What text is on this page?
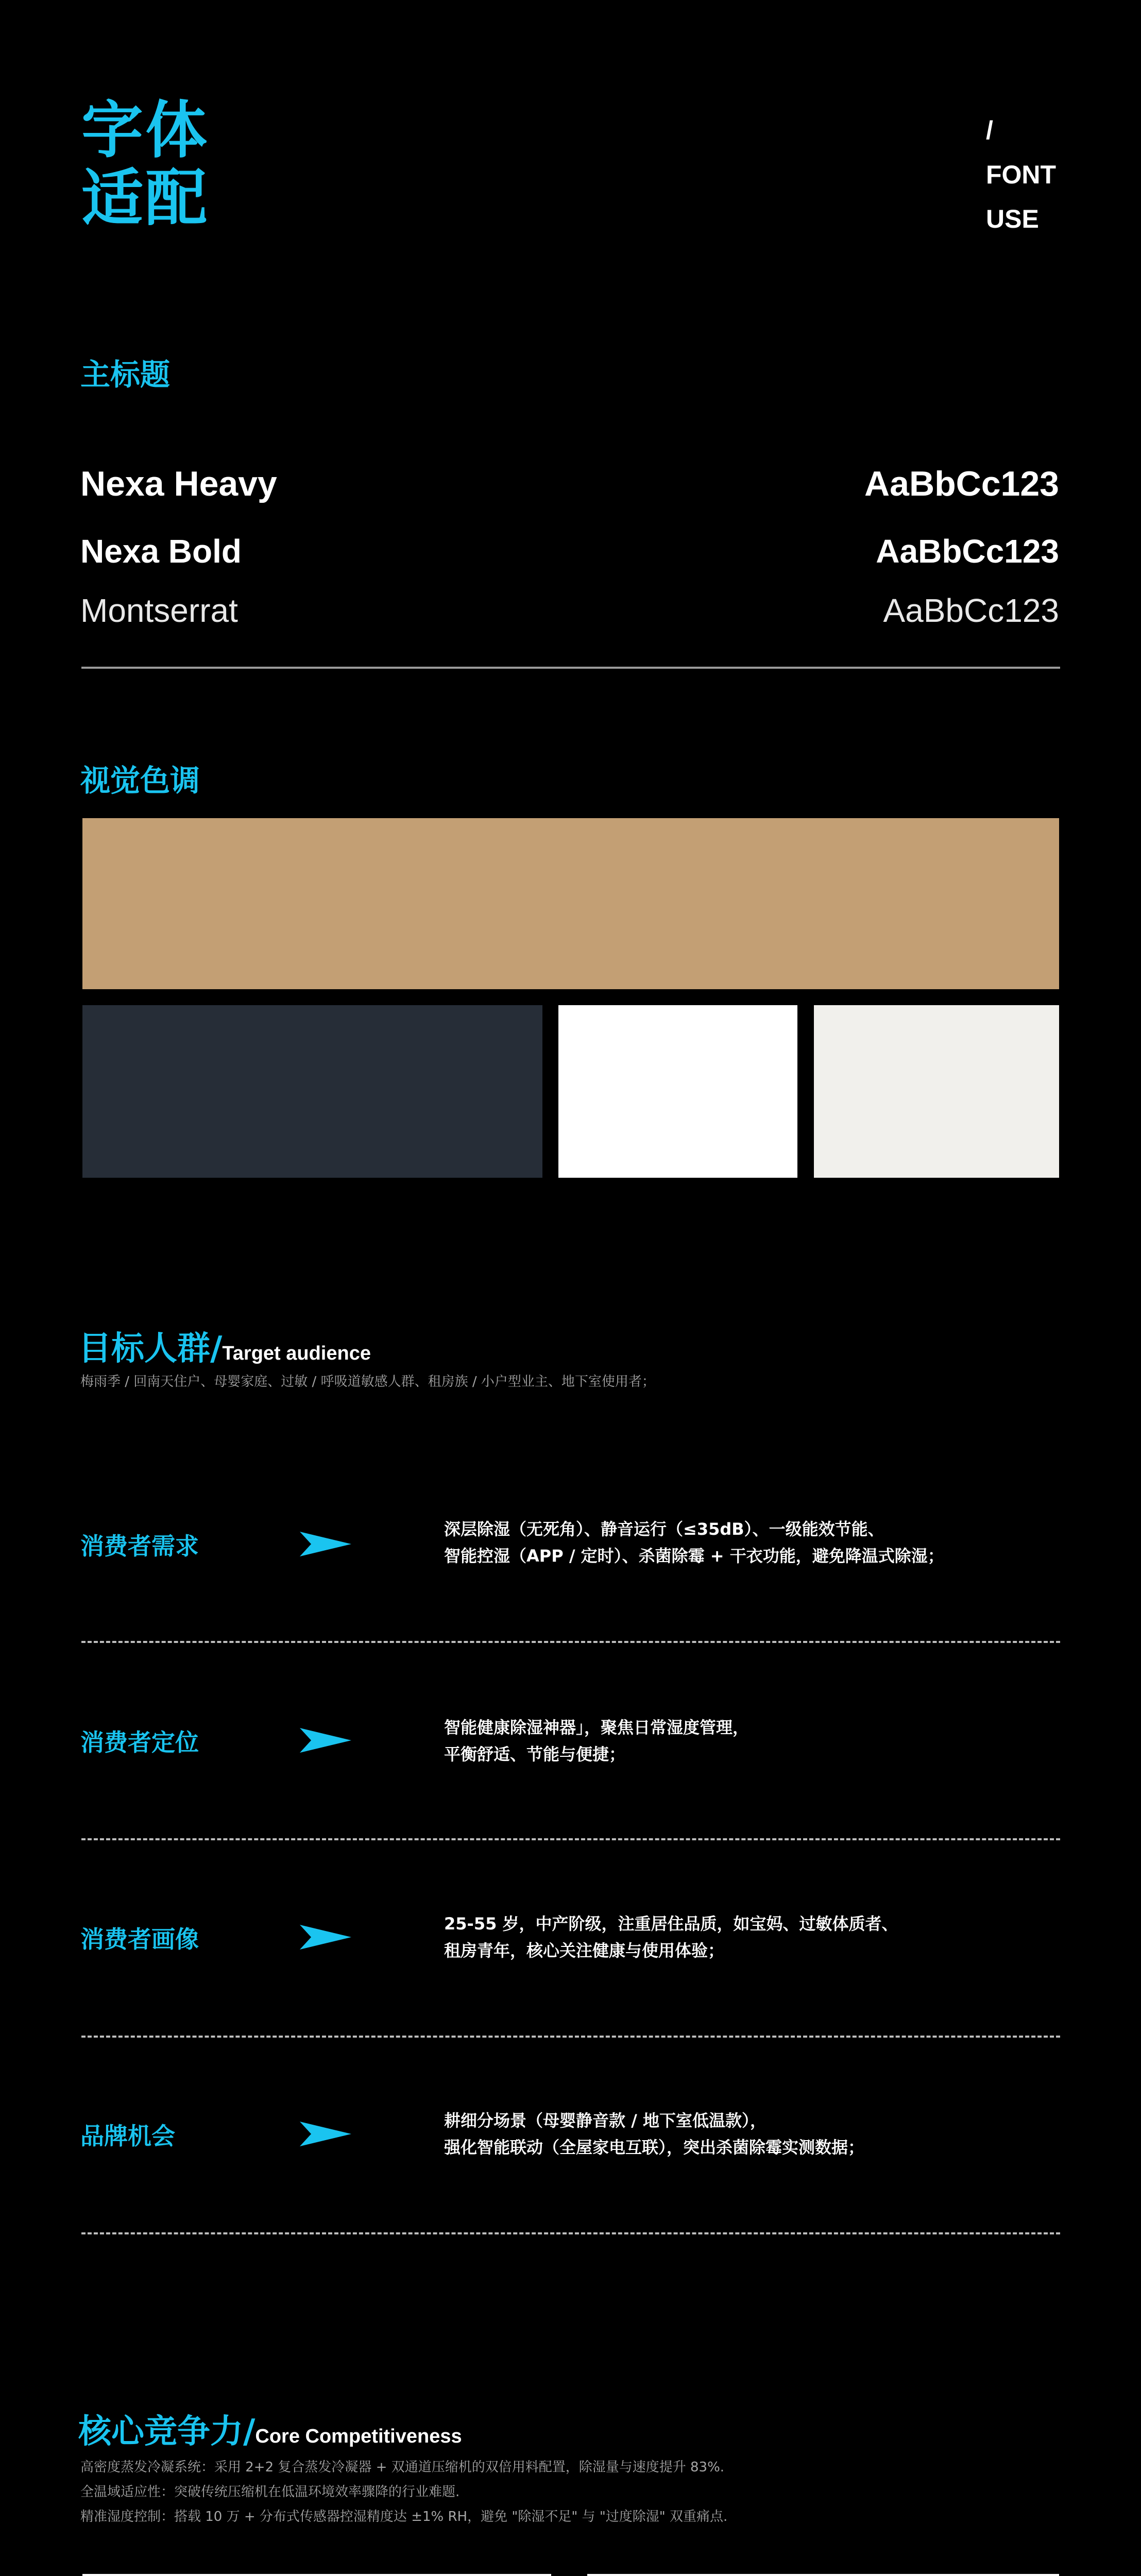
字体
适配
/
FONT
USE
主标题
Nexa Heavy	AaBbCc123
Nexa Bold	AaBbCc123
Montserrat	AaBbCc123
视觉色调
目标人群/Target audience
梅雨季 / 回南天住户、母婴家庭、过敏 / 呼吸道敏感人群、租房族 / 小户型业主、地下室使用者；
消费者需求
深层除湿（无死角）、静音运行（≤35dB）、一级能效节能、
智能控湿（APP / 定时）、杀菌除霉 + 干衣功能，避免降温式除湿；
消费者定位
智能健康除湿神器」，聚焦日常湿度管理，
平衡舒适、节能与便捷；
消费者画像
25-55 岁，中产阶级，注重居住品质，如宝妈、过敏体质者、
租房青年，核心关注健康与使用体验；
品牌机会
耕细分场景（母婴静音款 / 地下室低温款），
强化智能联动（全屋家电互联），突出杀菌除霉实测数据；
核心竞争力/Core Competitiveness
高密度蒸发冷凝系统：采用 2+2 复合蒸发冷凝器 + 双通道压缩机的双倍用料配置，除湿量与速度提升 83%.
全温域适应性：突破传统压缩机在低温环境效率骤降的行业难题.
精准湿度控制：搭载 10 万 + 分布式传感器控湿精度达 ±1% RH，避免 "除湿不足" 与 "过度除湿" 双重痛点.
